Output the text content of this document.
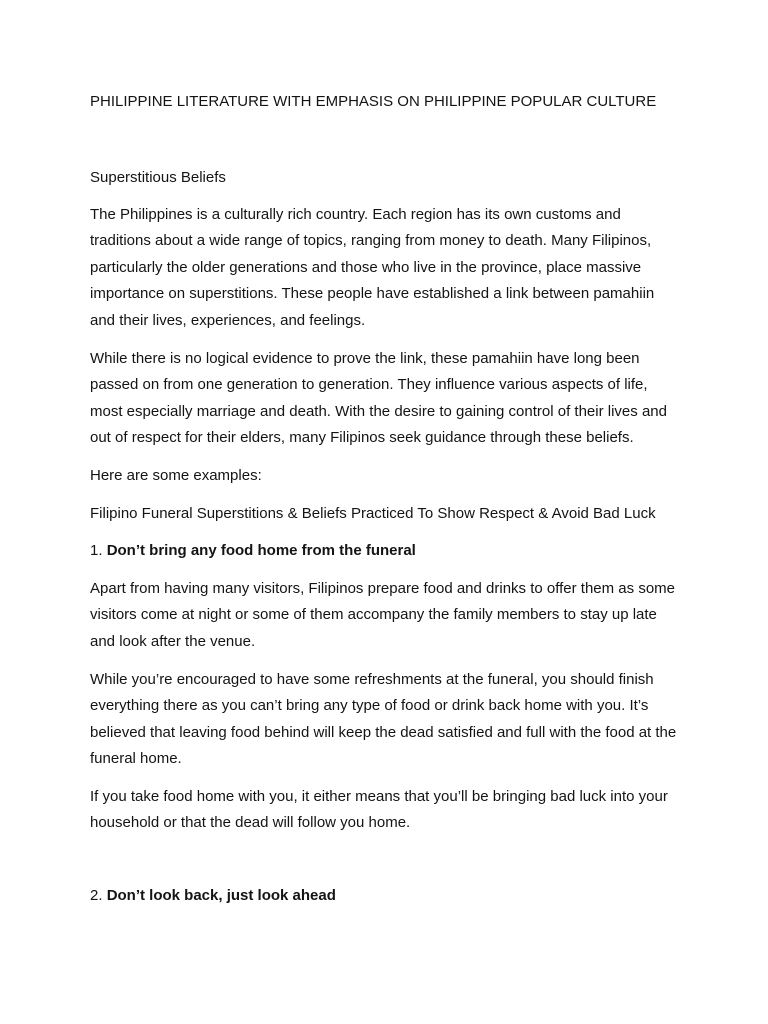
PHILIPPINE LITERATURE WITH EMPHASIS ON PHILIPPINE POPULAR CULTURE

Superstitious Beliefs

The Philippines is a culturally rich country. Each region has its own customs and traditions about a wide range of topics, ranging from money to death. Many Filipinos, particularly the older generations and those who live in the province, place massive importance on superstitions. These people have established a link between pamahiin and their lives, experiences, and feelings.

While there is no logical evidence to prove the link, these pamahiin have long been passed on from one generation to generation. They influence various aspects of life, most especially marriage and death. With the desire to gaining control of their lives and out of respect for their elders, many Filipinos seek guidance through these beliefs.

Here are some examples:

Filipino Funeral Superstitions & Beliefs Practiced To Show Respect & Avoid Bad Luck

1. Don’t bring any food home from the funeral

Apart from having many visitors, Filipinos prepare food and drinks to offer them as some visitors come at night or some of them accompany the family members to stay up late and look after the venue.

While you’re encouraged to have some refreshments at the funeral, you should finish everything there as you can’t bring any type of food or drink back home with you. It’s believed that leaving food behind will keep the dead satisfied and full with the food at the funeral home.

If you take food home with you, it either means that you’ll be bringing bad luck into your household or that the dead will follow you home.

2. Don’t look back, just look ahead
